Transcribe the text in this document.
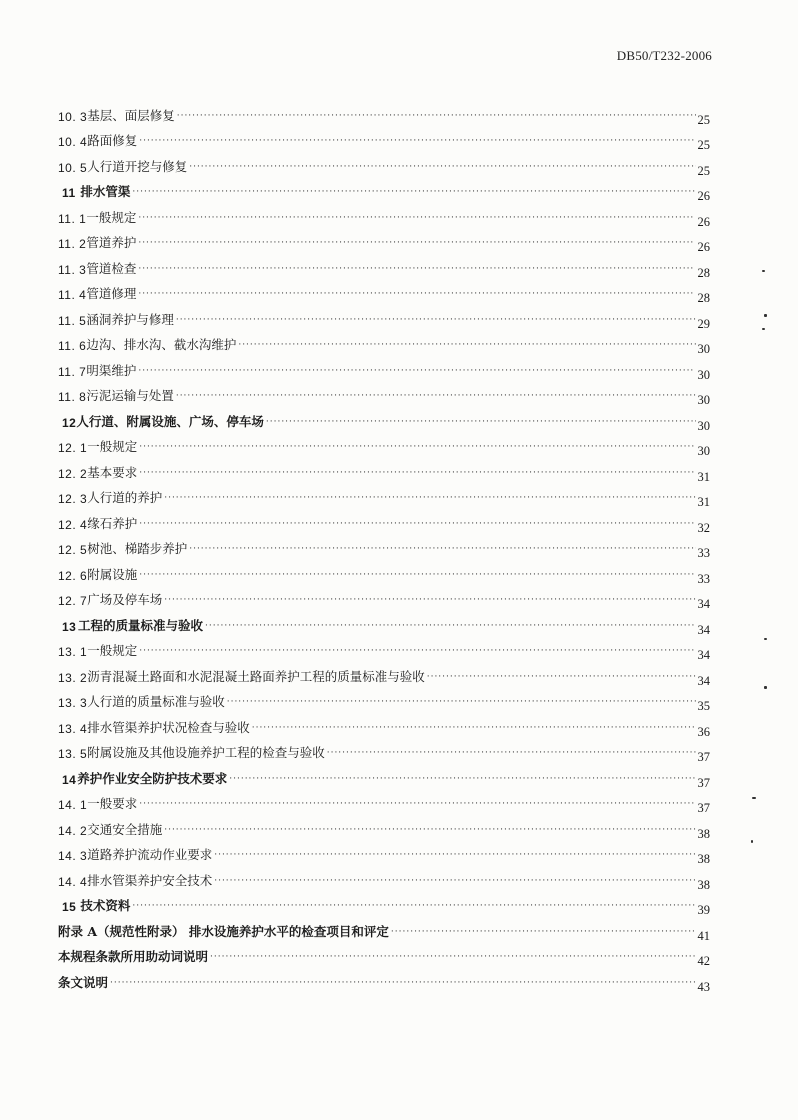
DB50/T232-2006
10. 3 基层、面层修复 ·····	25
10. 4 路面修复 ·····	25
10. 5 人行道开挖与修复 ·····	25
11 排水管渠 ·····	26
11. 1 一般规定 ·····	26
11. 2 管道养护 ·····	26
11. 3 管道检查 ·····	28
11. 4 管道修理 ·····	28
11. 5 涵洞养护与修理 ·····	29
11. 6 边沟、排水沟、截水沟维护 ·····	30
11. 7 明渠维护 ·····	30
11. 8 污泥运输与处置 ·····	30
12 人行道、附属设施、广场、停车场 ·····	30
12. 1 一般规定 ·····	30
12. 2 基本要求 ·····	31
12. 3 人行道的养护 ·····	31
12. 4 缘石养护 ·····	32
12. 5 树池、梯踏步养护 ·····	33
12. 6 附属设施 ·····	33
12. 7 广场及停车场 ·····	34
13 工程的质量标准与验收 ·····	34
13. 1 一般规定 ·····	34
13. 2 沥青混凝土路面和水泥混凝土路面养护工程的质量标准与验收 ·····	34
13. 3 人行道的质量标准与验收 ·····	35
13. 4 排水管渠养护状况检查与验收 ·····	36
13. 5 附属设施及其他设施养护工程的检查与验收 ·····	37
14 养护作业安全防护技术要求 ·····	37
14. 1 一般要求 ·····	37
14. 2 交通安全措施 ·····	38
14. 3 道路养护流动作业要求 ·····	38
14. 4 排水管渠养护安全技术 ·····	38
15 技术资料 ·····	39
附录 A（规范性附录） 排水设施养护水平的检查项目和评定 ·····	41
本规程条款所用助动词说明 ·····	42
条文说明 ·····	43
